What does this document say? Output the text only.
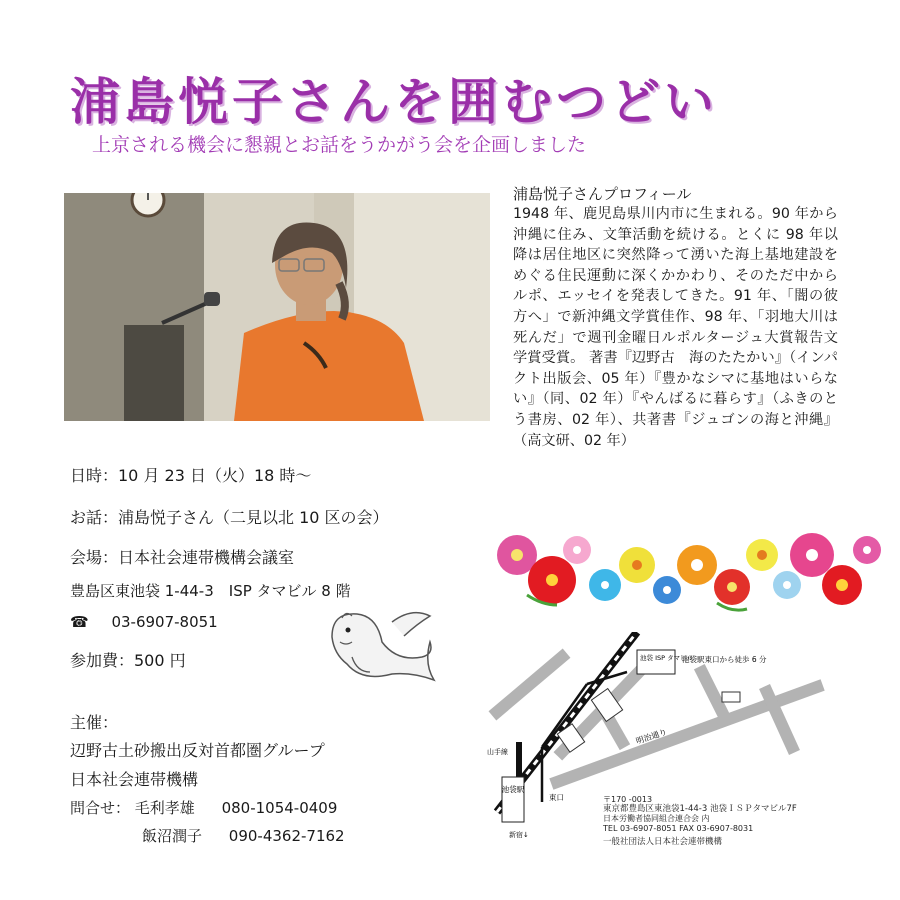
浦島悦子さんを囲むつどい
上京される機会に懇親とお話をうかがう会を企画しました
浦島悦子さんプロフィール
1948 年、鹿児島県川内市に生まれる。90 年から沖縄に住み、文筆活動を続ける。とくに 98 年以降は居住地区に突然降って湧いた海上基地建設をめぐる住民運動に深くかかわり、そのただ中からルポ、エッセイを発表してきた。91 年、「闇の彼方へ」で新沖縄文学賞佳作、98 年、「羽地大川は死んだ」で週刊金曜日ルポルタージュ大賞報告文学賞受賞。 著書『辺野古　海のたたかい』（インパクト出版会、05 年）『豊かなシマに基地はいらない』（同、02 年）『やんばるに暮らす』（ふきのとう書房、02 年）、共著書『ジュゴンの海と沖縄』（高文研、02 年）
日時：10 月 23 日（火）18 時～
お話：浦島悦子さん（二見以北 10 区の会）
会場：日本社会連帯機構会議室
豊島区東池袋 1-44-3　ISP タマビル 8 階
☎ 03-6907-8051
参加費：500 円
主催：
辺野古土砂搬出反対首都圏グループ
日本社会連帯機構
問合せ： 毛利孝雄 080-1054-0409
飯沼潤子 090-4362-7162
池袋駅
東口
新宿↓
山手線
池袋 ISP タマビル
池袋駅東口から徒歩 6 分
明治通り
〒170 -0013
東京都豊島区東池袋1-44-3 池袋ＩＳＰタマビル7F
日本労働者協同組合連合会 内
TEL 03-6907-8051 FAX 03-6907-8031
一般社団法人日本社会連帯機構
